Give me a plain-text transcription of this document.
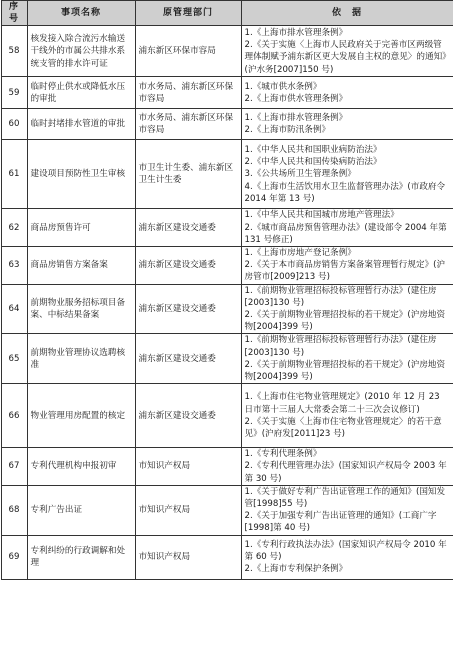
序号	事项名称	原管理部门	依　据
58	核发接入除合流污水输送干线外的市属公共排水系统支管的排水许可证	浦东新区环保市容局	1.《上海市排水管理条例》
2.《关于实施〈上海市人民政府关于完善市区两级管理体制赋予浦东新区更大发展自主权的意见〉的通知》(沪水务[2007]150 号)

59	临时停止供水或降低水压的审批	市水务局、浦东新区环保市容局	1.《城市供水条例》
2.《上海市供水管理条例》

60	临时封堵排水管道的审批	市水务局、浦东新区环保市容局	1.《上海市排水管理条例》
2.《上海市防汛条例》

61	建设项目预防性卫生审核	市卫生计生委、浦东新区卫生计生委	1.《中华人民共和国职业病防治法》
2.《中华人民共和国传染病防治法》
3.《公共场所卫生管理条例》
4.《上海市生活饮用水卫生监督管理办法》(市政府令 2014 年第 13 号)

62	商品房预售许可	浦东新区建设交通委	1.《中华人民共和国城市房地产管理法》
2.《城市商品房预售管理办法》(建设部令 2004 年第 131 号修正)

63	商品房销售方案备案	浦东新区建设交通委	1.《上海市房地产登记条例》
2.《关于本市商品房销售方案备案管理暂行规定》(沪房管市[2009]213 号)

64	前期物业服务招标项目备案、中标结果备案	浦东新区建设交通委	1.《前期物业管理招标投标管理暂行办法》(建住房[2003]130 号)
2.《关于前期物业管理招投标的若干规定》(沪房地资物[2004]399 号)

65	前期物业管理协议选聘核准	浦东新区建设交通委	1.《前期物业管理招标投标管理暂行办法》(建住房[2003]130 号)
2.《关于前期物业管理招投标的若干规定》(沪房地资物[2004]399 号)

66	物业管理用房配置的核定	浦东新区建设交通委	1.《上海市住宅物业管理规定》(2010 年 12 月 23 日市第十三届人大常委会第二十三次会议修订)
2.《关于实施〈上海市住宅物业管理规定〉的若干意见》(沪府发[2011]23 号)

67	专利代理机构申报初审	市知识产权局	1.《专利代理条例》
2.《专利代理管理办法》(国家知识产权局令 2003 年第 30 号)

68	专利广告出证	市知识产权局	1.《关于做好专利广告出证管理工作的通知》(国知发管[1998]55 号)
2.《关于加强专利广告出证管理的通知》(工商广字[1998]第 40 号)

69	专利纠纷的行政调解和处理	市知识产权局	1.《专利行政执法办法》(国家知识产权局令 2010 年第 60 号)
2.《上海市专利保护条例》
